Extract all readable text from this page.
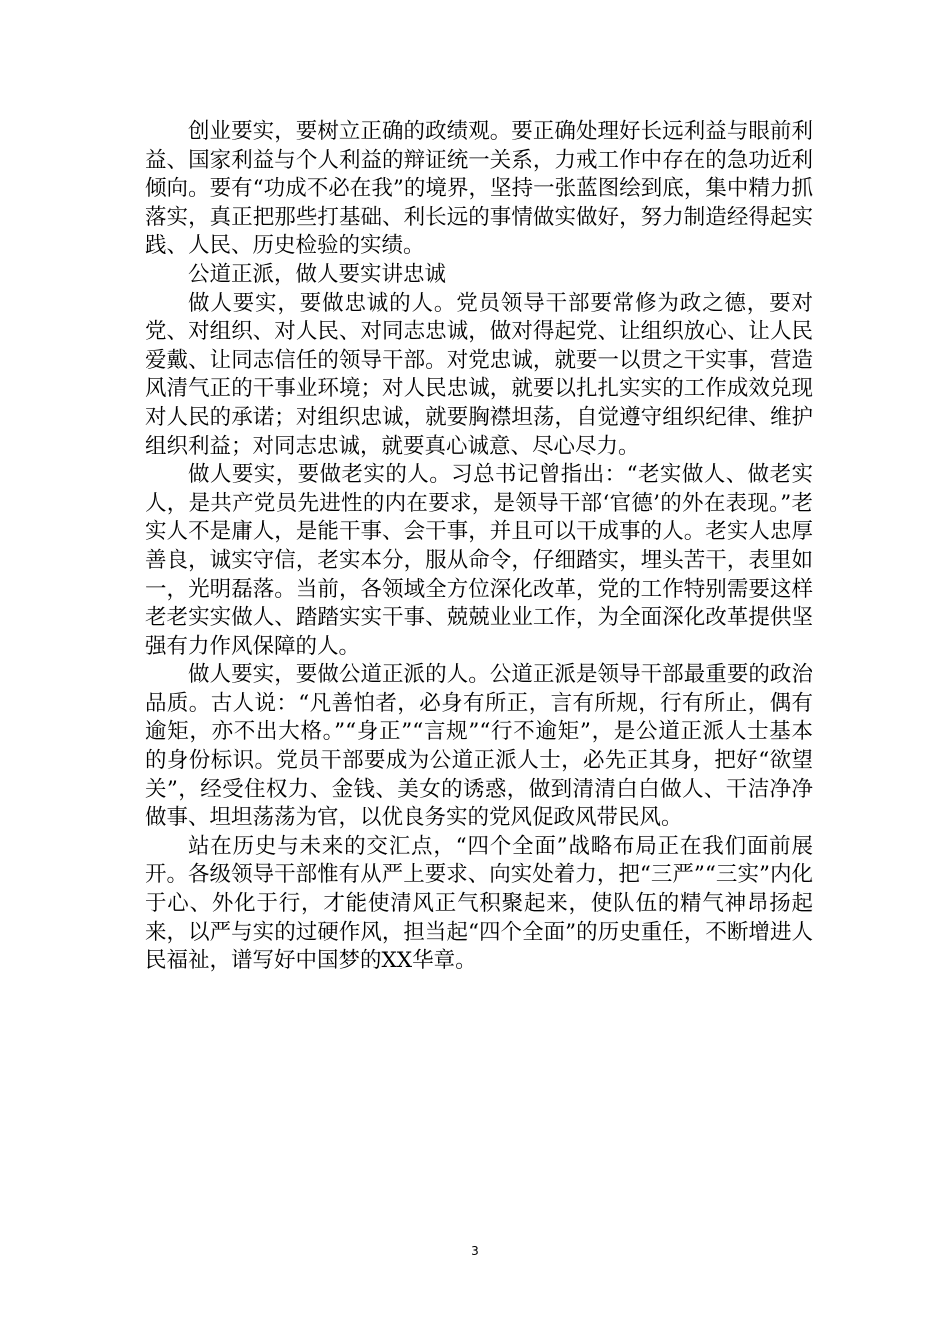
创业要实，要树立正确的政绩观。要正确处理好长远利益与眼前利益、国家利益与个人利益的辩证统一关系，力戒工作中存在的急功近利倾向。要有“功成不必在我”的境界，坚持一张蓝图绘到底，集中精力抓落实，真正把那些打基础、利长远的事情做实做好，努力制造经得起实践、人民、历史检验的实绩。

公道正派，做人要实讲忠诚

做人要实，要做忠诚的人。党员领导干部要常修为政之德，要对党、对组织、对人民、对同志忠诚，做对得起党、让组织放心、让人民爱戴、让同志信任的领导干部。对党忠诚，就要一以贯之干实事，营造风清气正的干事业环境；对人民忠诚，就要以扎扎实实的工作成效兑现对人民的承诺；对组织忠诚，就要胸襟坦荡，自觉遵守组织纪律、维护组织利益；对同志忠诚，就要真心诚意、尽心尽力。

做人要实，要做老实的人。习总书记曾指出：“老实做人、做老实人，是共产党员先进性的内在要求，是领导干部‘官德’的外在表现。”老实人不是庸人，是能干事、会干事，并且可以干成事的人。老实人忠厚善良，诚实守信，老实本分，服从命令，仔细踏实，埋头苦干，表里如一，光明磊落。当前，各领域全方位深化改革，党的工作特别需要这样老老实实做人、踏踏实实干事、兢兢业业工作，为全面深化改革提供坚强有力作风保障的人。

做人要实，要做公道正派的人。公道正派是领导干部最重要的政治品质。古人说：“凡善怕者，必身有所正，言有所规，行有所止，偶有逾矩，亦不出大格。”“身正”“言规”“行不逾矩”，是公道正派人士基本的身份标识。党员干部要成为公道正派人士，必先正其身，把好“欲望关”，经受住权力、金钱、美女的诱惑，做到清清白白做人、干洁净净做事、坦坦荡荡为官，以优良务实的党风促政风带民风。

站在历史与未来的交汇点，“四个全面”战略布局正在我们面前展开。各级领导干部惟有从严上要求、向实处着力，把“三严”“三实”内化于心、外化于行，才能使清风正气积聚起来，使队伍的精气神昂扬起来，以严与实的过硬作风，担当起“四个全面”的历史重任，不断增进人民福祉，谱写好中国梦的XX华章。

3
